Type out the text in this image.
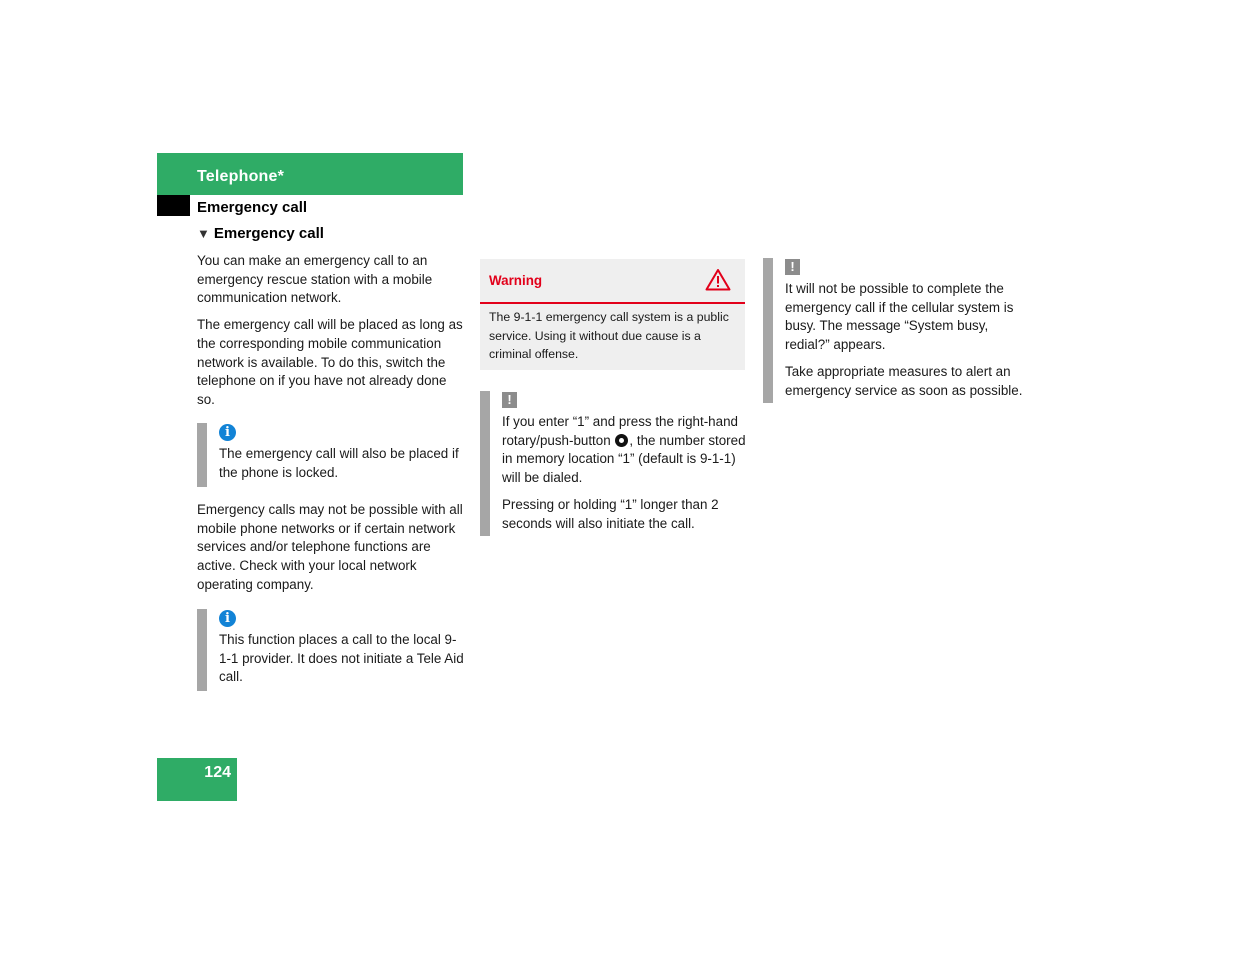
Telephone*
Emergency call
▼ Emergency call

You can make an emergency call to an emergency rescue station with a mobile communication network.

The emergency call will be placed as long as the corresponding mobile communication network is available. To do this, switch the telephone on if you have not already done so.

i
The emergency call will also be placed if the phone is locked.

Emergency calls may not be possible with all mobile phone networks or if certain network services and/or telephone functions are active. Check with your local network operating company.

i
This function places a call to the local 9-1-1 provider. It does not initiate a Tele Aid call.
Warning
The 9-1-1 emergency call system is a public service. Using it without due cause is a criminal offense.
!

If you enter “1” and press the right-hand rotary/push-button , the number stored in memory location “1” (default is 9-1-1) will be dialed.

Pressing or holding “1” longer than 2 seconds will also initiate the call.

!

It will not be possible to complete the emergency call if the cellular system is busy. The message “System busy, redial?” appears.

Take appropriate measures to alert an emergency service as soon as possible.

124
